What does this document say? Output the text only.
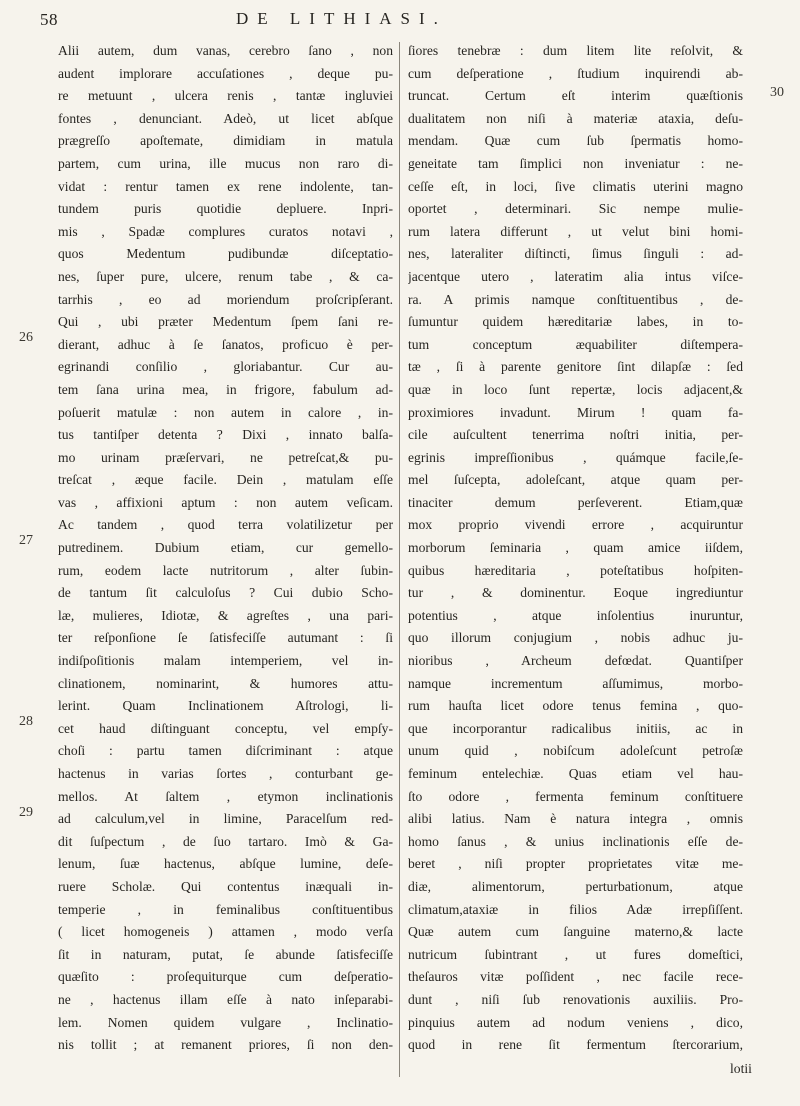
58	DE LITHIASI.
Alii autem, dum vanas, cerebro ſano , non
audent implorare accuſationes , deque pu-
re metuunt , ulcera renis , tantæ ingluviei
fontes , denunciant. Adeò, ut licet abſque
prægreſſo apoſtemate, dimidiam in matula
partem, cum urina, ille mucus non raro di-
vidat : rentur tamen ex rene indolente, tan-
tundem puris quotidie depluere. Inpri-
mis , Spadæ complures curatos notavi ,
quos Medentum pudibundæ diſceptatio-
nes, ſuper pure, ulcere, renum tabe , & ca-
tarrhis , eo ad moriendum proſcripſerant.
Qui , ubi præter Medentum ſpem ſani re-
dierant, adhuc à ſe ſanatos, proficuo è per-
egrinandi conſilio , gloriabantur. Cur au-
tem ſana urina mea, in frigore, fabulum ad-
poſuerit matulæ : non autem in calore , in-
tus tantiſper detenta ? Dixi , innato balſa-
mo urinam præſervari, ne petreſcat,& pu-
treſcat , æque facile. Dein , matulam eſſe
vas , affixioni aptum : non autem veſicam.
Ac tandem , quod terra volatilizetur per
putredinem. Dubium etiam, cur gemello-
rum, eodem lacte nutritorum , alter ſubin-
de tantum ſit calculoſus ? Cui dubio Scho-
læ, mulieres, Idiotæ, & agreſtes , una pari-
ter reſponſione ſe ſatisfeciſſe autumant : ſi
indiſpoſitionis malam intemperiem, vel in-
clinationem, nominarint, & humores attu-
lerint. Quam Inclinationem Aſtrologi, li-
cet haud diſtinguant conceptu, vel empſy-
choſi : partu tamen diſcriminant : atque
hactenus in varias ſortes , conturbant ge-
mellos. At ſaltem , etymon inclinationis
ad calculum,vel in limine, Paracelſum red-
dit ſuſpectum , de ſuo tartaro. Imò & Ga-
lenum, ſuæ hactenus, abſque lumine, deſe-
ruere Scholæ. Qui contentus inæquali in-
temperie , in feminalibus conſtituentibus
( licet homogeneis ) attamen , modo verſa
ſit in naturam, putat, ſe abunde ſatisfeciſſe
quæſito : proſequiturque cum deſperatio-
ne , hactenus illam eſſe à nato inſeparabi-
lem. Nomen quidem vulgare , Inclinatio-
nis tollit ; at remanent priores, ſi non den-
ſiores tenebræ : dum litem lite reſolvit, &
cum deſperatione , ſtudium inquirendi ab-
truncat. Certum eſt interim quæſtionis
dualitatem non niſi à materiæ ataxia, deſu-
mendam. Quæ cum ſub ſpermatis homo-
geneitate tam ſimplici non inveniatur : ne-
ceſſe eſt, in loci, ſive climatis uterini magno
oportet , determinari. Sic nempe mulie-
rum latera differunt , ut velut bini homi-
nes, lateraliter diſtincti, ſimus ſinguli : ad-
jacentque utero , lateratim alia intus viſce-
ra. A primis namque conſtituentibus , de-
ſumuntur quidem hæreditariæ labes, in to-
tum conceptum æquabiliter diſtempera-
tæ , ſi à parente genitore ſint dilapſæ : ſed
quæ in loco ſunt repertæ, locis adjacent,&
proximiores invadunt. Mirum ! quam fa-
cile auſcultent tenerrima noſtri initia, per-
egrinis impreſſionibus , quámque facile,ſe-
mel ſuſcepta, adoleſcant, atque quam per-
tinaciter demum perſeverent. Etiam,quæ
mox proprio vivendi errore , acquiruntur
morborum ſeminaria , quam amice iiſdem,
quibus hæreditaria , poteſtatibus hoſpiten-
tur , & dominentur. Eoque ingrediuntur
potentius , atque inſolentius inuruntur,
quo illorum conjugium , nobis adhuc ju-
nioribus , Archeum defœdat. Quantiſper
namque incrementum aſſumimus, morbo-
rum hauſta licet odore tenus femina , quo-
que incorporantur radicalibus initiis, ac in
unum quid , nobiſcum adoleſcunt petroſæ
feminum entelechiæ. Quas etiam vel hau-
ſto odore , fermenta feminum conſtituere
alibi latius. Nam è natura integra , omnis
homo ſanus , & unius inclinationis eſſe de-
beret , niſi propter proprietates vitæ me-
diæ, alimentorum, perturbationum, atque
climatum,ataxiæ in filios Adæ irrepſiſſent.
Quæ autem cum ſanguine materno,& lacte
nutricum ſubintrant , ut fures domeſtici,
theſauros vitæ poſſident , nec facile rece-
dunt , niſi ſub renovationis auxiliis. Pro-
pinquius autem ad nodum veniens , dico,
quod in rene ſit fermentum ſtercorarium,
26
27
28
29
30
lotii
